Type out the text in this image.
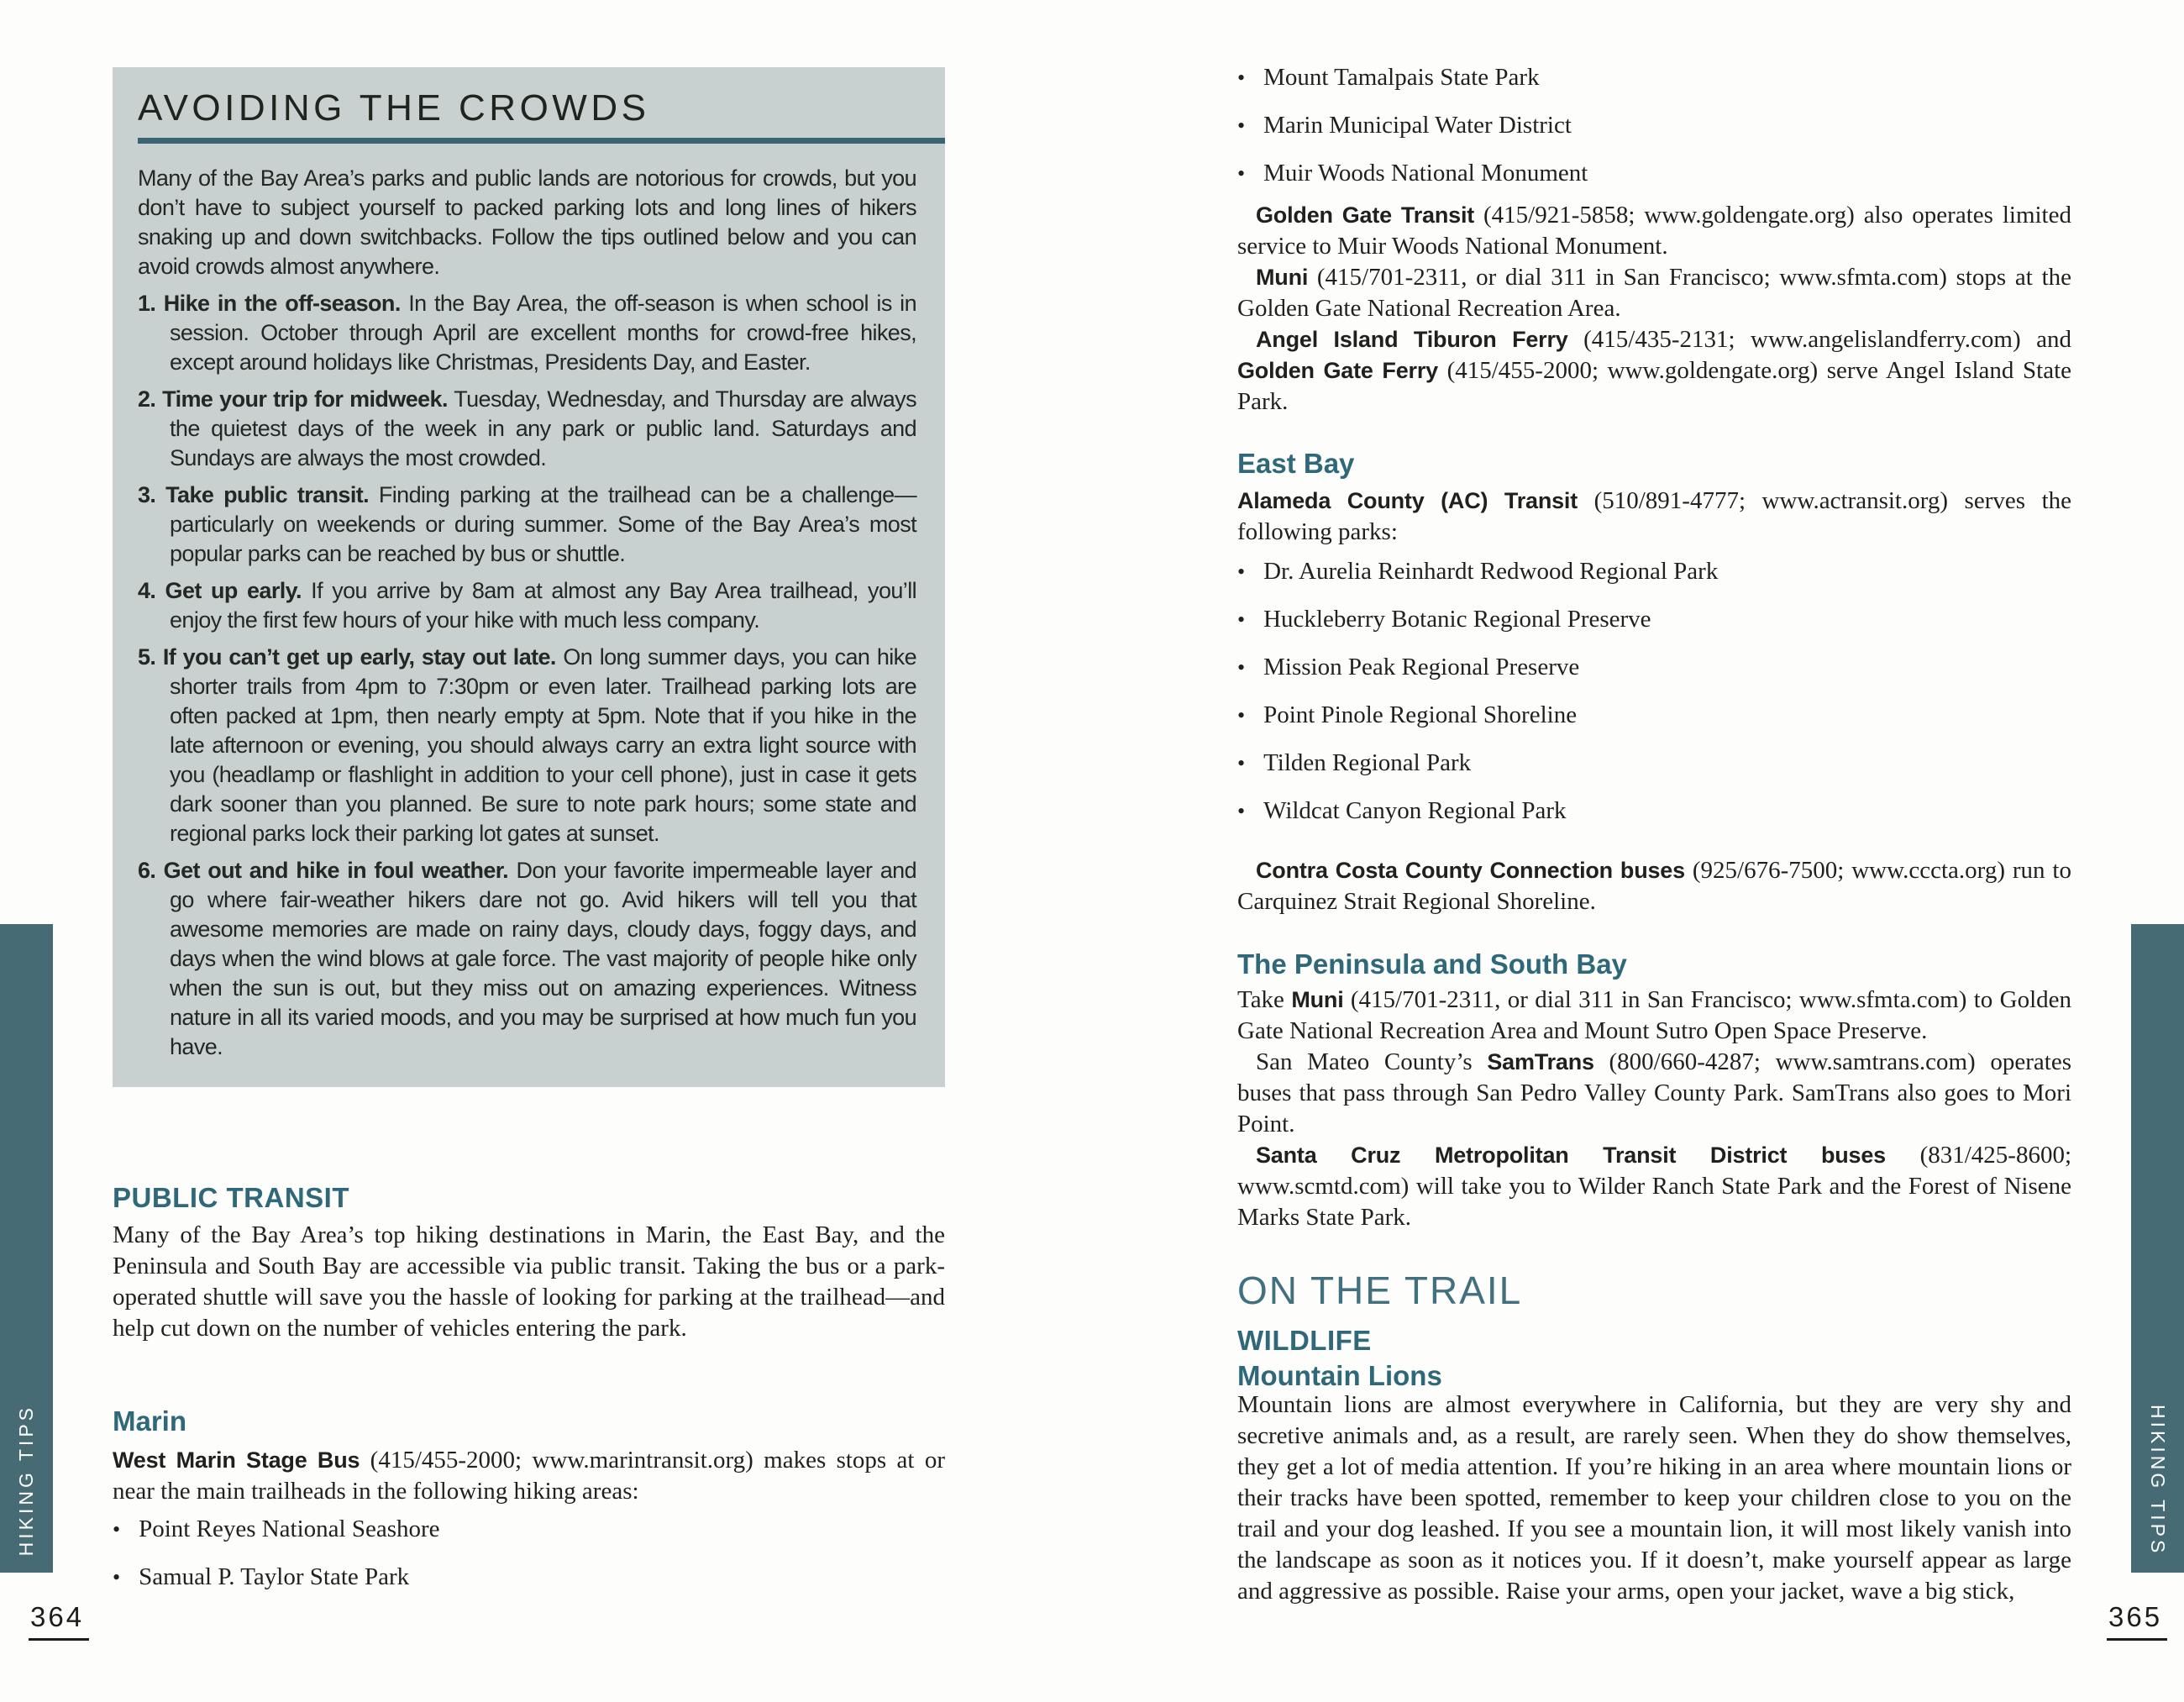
HIKING TIPS
364
AVOIDING THE CROWDS

Many of the Bay Area’s parks and public lands are notorious for crowds, but you don’t have to subject yourself to packed parking lots and long lines of hikers snaking up and down switchbacks. Follow the tips outlined below and you can avoid crowds almost anywhere.

1. Hike in the off-season. In the Bay Area, the off-season is when school is in session. October through April are excellent months for crowd-free hikes, except around holidays like Christmas, Presidents Day, and Easter.
2. Time your trip for midweek. Tuesday, Wednesday, and Thursday are always the quietest days of the week in any park or public land. Saturdays and Sundays are always the most crowded.
3. Take public transit. Finding parking at the trailhead can be a challenge—particularly on weekends or during summer. Some of the Bay Area’s most popular parks can be reached by bus or shuttle.
4. Get up early. If you arrive by 8am at almost any Bay Area trailhead, you’ll enjoy the first few hours of your hike with much less company.
5. If you can’t get up early, stay out late. On long summer days, you can hike shorter trails from 4pm to 7:30pm or even later. Trailhead parking lots are often packed at 1pm, then nearly empty at 5pm. Note that if you hike in the late afternoon or evening, you should always carry an extra light source with you (headlamp or flashlight in addition to your cell phone), just in case it gets dark sooner than you planned. Be sure to note park hours; some state and regional parks lock their parking lot gates at sunset.
6. Get out and hike in foul weather. Don your favorite impermeable layer and go where fair-weather hikers dare not go. Avid hikers will tell you that awesome memories are made on rainy days, cloudy days, foggy days, and days when the wind blows at gale force. The vast majority of people hike only when the sun is out, but they miss out on amazing experiences. Witness nature in all its varied moods, and you may be surprised at how much fun you have.
PUBLIC TRANSIT

Many of the Bay Area’s top hiking destinations in Marin, the East Bay, and the Peninsula and South Bay are accessible via public transit. Taking the bus or a park-operated shuttle will save you the hassle of looking for parking at the trailhead—and help cut down on the number of vehicles entering the park.

Marin

West Marin Stage Bus (415/455-2000; www.marintransit.org) makes stops at or near the main trailheads in the following hiking areas:

• Point Reyes National Seashore
• Samual P. Taylor State Park
HIKING TIPS
365
• Mount Tamalpais State Park
• Marin Municipal Water District
• Muir Woods National Monument

Golden Gate Transit (415/921-5858; www.goldengate.org) also operates limited service to Muir Woods National Monument.

Muni (415/701-2311, or dial 311 in San Francisco; www.sfmta.com) stops at the Golden Gate National Recreation Area.

Angel Island Tiburon Ferry (415/435-2131; www.angelislandferry.com) and Golden Gate Ferry (415/455-2000; www.goldengate.org) serve Angel Island State Park.

East Bay

Alameda County (AC) Transit (510/891-4777; www.actransit.org) serves the following parks:

• Dr. Aurelia Reinhardt Redwood Regional Park
• Huckleberry Botanic Regional Preserve
• Mission Peak Regional Preserve
• Point Pinole Regional Shoreline
• Tilden Regional Park
• Wildcat Canyon Regional Park

Contra Costa County Connection buses (925/676-7500; www.cccta.org) run to Carquinez Strait Regional Shoreline.

The Peninsula and South Bay

Take Muni (415/701-2311, or dial 311 in San Francisco; www.sfmta.com) to Golden Gate National Recreation Area and Mount Sutro Open Space Preserve.

San Mateo County’s SamTrans (800/660-4287; www.samtrans.com) operates buses that pass through San Pedro Valley County Park. SamTrans also goes to Mori Point.

Santa Cruz Metropolitan Transit District buses (831/425-8600; www.scmtd.com) will take you to Wilder Ranch State Park and the Forest of Nisene Marks State Park.

ON THE TRAIL
WILDLIFE
Mountain Lions

Mountain lions are almost everywhere in California, but they are very shy and secretive animals and, as a result, are rarely seen. When they do show themselves, they get a lot of media attention. If you’re hiking in an area where mountain lions or their tracks have been spotted, remember to keep your children close to you on the trail and your dog leashed. If you see a mountain lion, it will most likely vanish into the landscape as soon as it notices you. If it doesn’t, make yourself appear as large and aggressive as possible. Raise your arms, open your jacket, wave a big stick,
